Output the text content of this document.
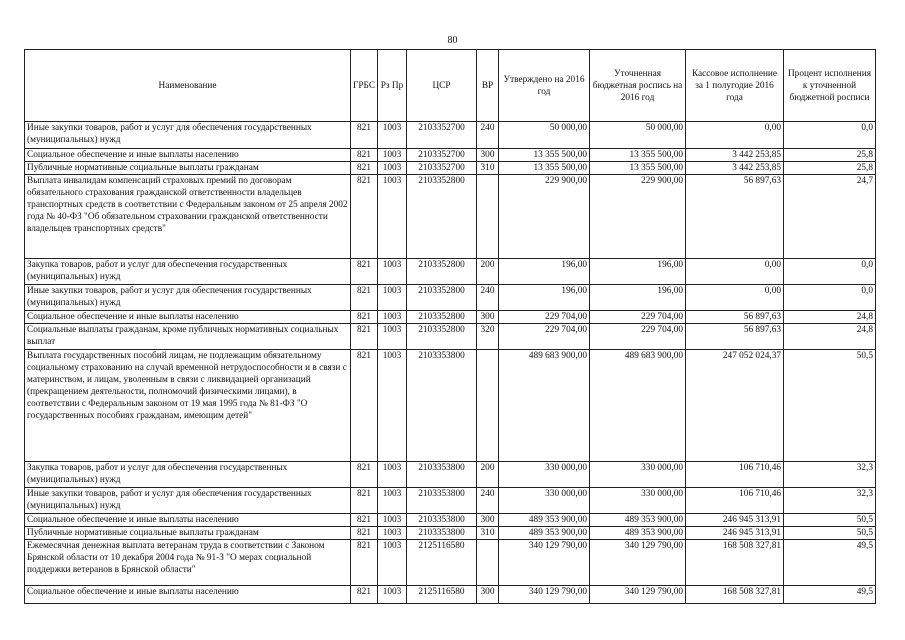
80
Наименование	ГРБС	Рз Пр	ЦСР	ВР	Утверждено на 2016 год	Уточненная бюджетная роспись на 2016 год	Кассовое исполнение за 1 полугодие 2016 года	Процент исполнения к уточненной бюджетной росписи
Иные закупки товаров, работ и услуг для обеспечения государственных (муниципальных) нужд	821	1003	2103352700	240	50 000,00	50 000,00	0,00	0,0
Социальное обеспечение и иные выплаты населению	821	1003	2103352700	300	13 355 500,00	13 355 500,00	3 442 253,85	25,8
Публичные нормативные социальные выплаты гражданам	821	1003	2103352700	310	13 355 500,00	13 355 500,00	3 442 253,85	25,8
Выплата инвалидам компенсаций страховых премий по договорам обязательного страхования гражданской ответственности владельцев транспортных средств в соответствии с Федеральным законом от 25 апреля 2002 года № 40-ФЗ "Об обязательном страховании гражданской ответственности владельцев транспортных средств"	821	1003	2103352800		229 900,00	229 900,00	56 897,63	24,7
Закупка товаров, работ и услуг для обеспечения государственных (муниципальных) нужд	821	1003	2103352800	200	196,00	196,00	0,00	0,0
Иные закупки товаров, работ и услуг для обеспечения государственных (муниципальных) нужд	821	1003	2103352800	240	196,00	196,00	0,00	0,0
Социальное обеспечение и иные выплаты населению	821	1003	2103352800	300	229 704,00	229 704,00	56 897,63	24,8
Социальные выплаты гражданам, кроме публичных нормативных социальных выплат	821	1003	2103352800	320	229 704,00	229 704,00	56 897,63	24,8
Выплата государственных пособий лицам, не подлежащим обязательному социальному страхованию на случай временной нетрудоспособности и в связи с материнством, и лицам, уволенным в связи с ликвидацией организаций (прекращением деятельности, полномочий физическими лицами), в соответствии с Федеральным законом от 19 мая 1995 года № 81-ФЗ "О государственных пособиях гражданам, имеющим детей"	821	1003	2103353800		489 683 900,00	489 683 900,00	247 052 024,37	50,5
Закупка товаров, работ и услуг для обеспечения государственных (муниципальных) нужд	821	1003	2103353800	200	330 000,00	330 000,00	106 710,46	32,3
Иные закупки товаров, работ и услуг для обеспечения государственных (муниципальных) нужд	821	1003	2103353800	240	330 000,00	330 000,00	106 710,46	32,3
Социальное обеспечение и иные выплаты населению	821	1003	2103353800	300	489 353 900,00	489 353 900,00	246 945 313,91	50,5
Публичные нормативные социальные выплаты гражданам	821	1003	2103353800	310	489 353 900,00	489 353 900,00	246 945 313,91	50,5
Ежемесячная денежная выплата ветеранам труда в соответствии с Законом Брянской области от 10 декабря 2004 года № 91-З "О мерах социальной поддержки ветеранов в Брянской области"	821	1003	2125116580		340 129 790,00	340 129 790,00	168 508 327,81	49,5
Социальное обеспечение и иные выплаты населению	821	1003	2125116580	300	340 129 790,00	340 129 790,00	168 508 327,81	49,5
